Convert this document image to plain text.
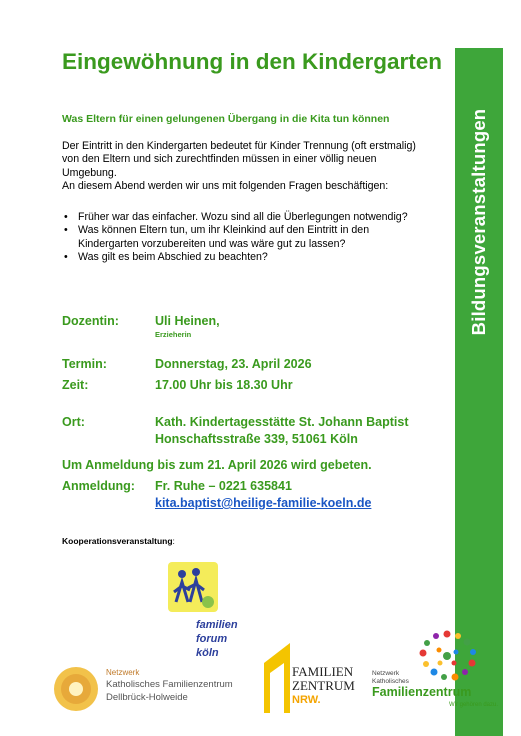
Bildungsveranstaltungen
Eingewöhnung in den Kindergarten
Was Eltern für einen gelungenen Übergang in die Kita tun können

Der Eintritt in den Kindergarten bedeutet für Kinder Trennung (oft erstmalig) von den Eltern und sich zurechtfinden müssen in einer völlig neuen Umgebung.

An diesem Abend werden wir uns mit folgenden Fragen beschäftigen:

• Früher war das einfacher. Wozu sind all die Überlegungen notwendig?
• Was können Eltern tun, um ihr Kleinkind auf den Eintritt in den Kindergarten vorzubereiten und was wäre gut zu lassen?
• Was gilt es beim Abschied zu beachten?
Dozentin:	Uli Heinen,
Erzieherin
Termin:	Donnerstag, 23. April 2026
Zeit:	17.00 Uhr bis 18.30 Uhr
Ort:	Kath. Kindertagesstätte St. Johann Baptist
Honschaftsstraße 339, 51061 Köln
Um Anmeldung bis zum 21. April 2026 wird gebeten.
Anmeldung: Fr. Ruhe – 0221 635841
kita.baptist@heilige-familie-koeln.de
Kooperationsveranstaltung:
familien
forum
köln
Netzwerk
Katholisches Familienzentrum
Dellbrück-Holweide
FAMILIEN
ZENTRUM
NRW.
Netzwerk
Katholisches
Familienzentrum
Wir gehören dazu.
